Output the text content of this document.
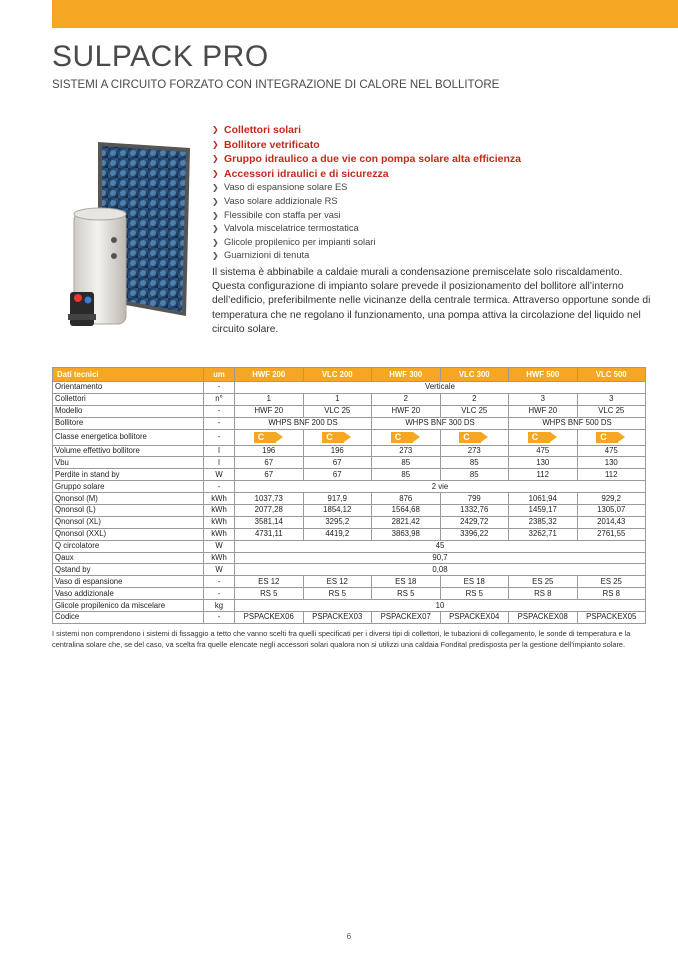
SULPACK PRO
SISTEMI A CIRCUITO FORZATO CON INTEGRAZIONE DI CALORE NEL BOLLITORE
❯ Collettori solari
❯ Bollitore vetrificato
❯ Gruppo idraulico a due vie con pompa solare alta efficienza
❯ Accessori idraulici e di sicurezza
❯ Vaso di espansione solare ES
❯ Vaso solare addizionale RS
❯ Flessibile con staffa per vasi
❯ Valvola miscelatrice termostatica
❯ Glicole propilenico per impianti solari
❯ Guarnizioni di tenuta
Il sistema è abbinabile a caldaie murali a condensazione premiscelate solo riscaldamento. Questa configurazione di impianto solare prevede il posizionamento del bollitore all’interno dell’edificio, preferibilmente nelle vicinanze della centrale termica. Attraverso opportune sonde di temperatura che ne regolano il funzionamento, una pompa attiva la circolazione del liquido nel circuito solare.
Dati tecnici	um	HWF 200	VLC 200	HWF 300	VLC 300	HWF 500	VLC 500
Orientamento	-	Verticale					
Collettori	n°	1	1	2	2	3	3
Modello	-	HWF 20	VLC 25	HWF 20	VLC 25	HWF 20	VLC 25
Bollitore	-	WHPS BNF 200 DS		WHPS BNF 300 DS		WHPS BNF 500 DS	
Classe energetica bollitore	-	C	C	C	C	C	C

Volume effettivo bollitore	l	196	196	273	273	475	475
Vbu	l	67	67	85	85	130	130
Perdite in stand by	W	67	67	85	85	112	112
Gruppo solare	-	2 vie					
Qnonsol (M)	kWh	1037,73	917,9	876	799	1061,94	929,2
Qnonsol (L)	kWh	2077,28	1854,12	1564,68	1332,76	1459,17	1305,07
Qnonsol (XL)	kWh	3581,14	3295,2	2821,42	2429,72	2385,32	2014,43
Qnonsol (XXL)	kWh	4731,11	4419,2	3863,98	3396,22	3262,71	2761,55
Q circolatore	W	45					
Qaux	kWh	90,7					
Qstand by	W	0,08					
Vaso di espansione	-	ES 12	ES 12	ES 18	ES 18	ES 25	ES 25
Vaso addizionale	-	RS 5	RS 5	RS 5	RS 5	RS 8	RS 8
Glicole propilenico da miscelare	kg	10					
Codice	-	PSPACKEX06	PSPACKEX03	PSPACKEX07	PSPACKEX04	PSPACKEX08	PSPACKEX05
I sistemi non comprendono i sistemi di fissaggio a tetto che vanno scelti fra quelli specificati per i diversi tipi di collettori, le tubazioni di collegamento, le sonde di temperatura e la centralina solare che, se del caso, va scelta fra quelle elencate negli accessori solari qualora non si utilizzi una caldaia Fondital predisposta per la gestione dell’impianto solare.
6
